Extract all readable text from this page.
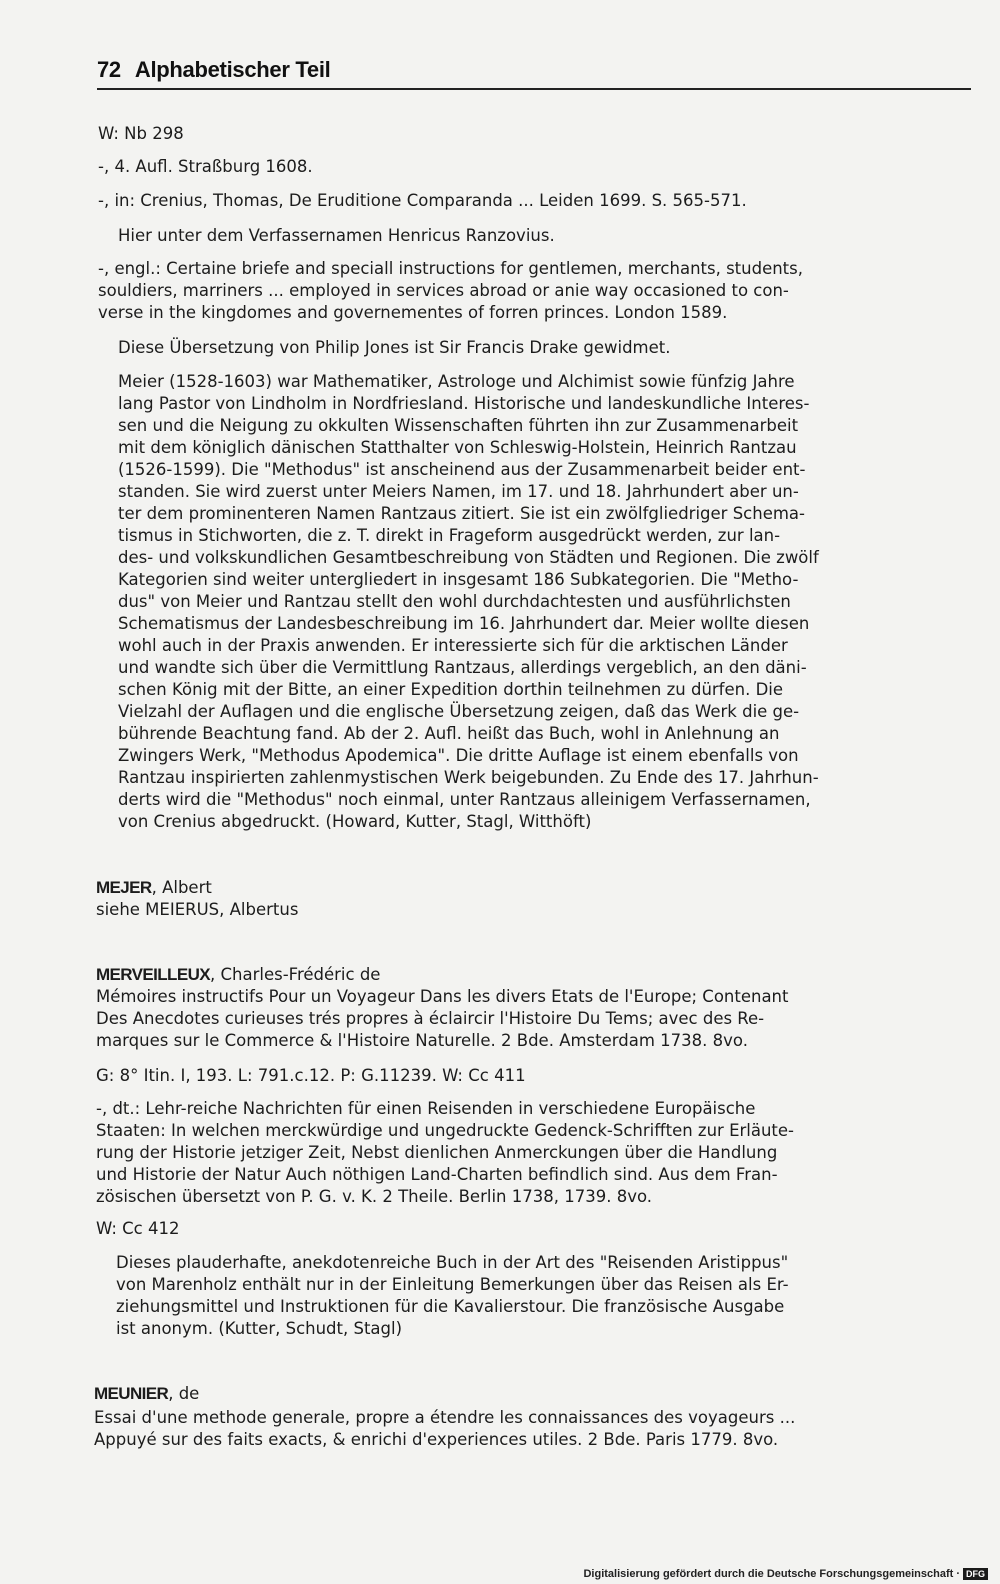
72 Alphabetischer Teil
W: Nb 298
-, 4. Aufl. Straßburg 1608.
-, in: Crenius, Thomas, De Eruditione Comparanda ... Leiden 1699. S. 565-571.
Hier unter dem Verfassernamen Henricus Ranzovius.
-, engl.: Certaine briefe and speciall instructions for gentlemen, merchants, students,
souldiers, marriners ... employed in services abroad or anie way occasioned to con-
verse in the kingdomes and governementes of forren princes. London 1589.
Diese Übersetzung von Philip Jones ist Sir Francis Drake gewidmet.
Meier (1528-1603) war Mathematiker, Astrologe und Alchimist sowie fünfzig Jahre
lang Pastor von Lindholm in Nordfriesland. Historische und landeskundliche Interes-
sen und die Neigung zu okkulten Wissenschaften führten ihn zur Zusammenarbeit
mit dem königlich dänischen Statthalter von Schleswig-Holstein, Heinrich Rantzau
(1526-1599). Die "Methodus" ist anscheinend aus der Zusammenarbeit beider ent-
standen. Sie wird zuerst unter Meiers Namen, im 17. und 18. Jahrhundert aber un-
ter dem prominenteren Namen Rantzaus zitiert. Sie ist ein zwölfgliedriger Schema-
tismus in Stichworten, die z. T. direkt in Frageform ausgedrückt werden, zur lan-
des- und volkskundlichen Gesamtbeschreibung von Städten und Regionen. Die zwölf
Kategorien sind weiter untergliedert in insgesamt 186 Subkategorien. Die "Metho-
dus" von Meier und Rantzau stellt den wohl durchdachtesten und ausführlichsten
Schematismus der Landesbeschreibung im 16. Jahrhundert dar. Meier wollte diesen
wohl auch in der Praxis anwenden. Er interessierte sich für die arktischen Länder
und wandte sich über die Vermittlung Rantzaus, allerdings vergeblich, an den däni-
schen König mit der Bitte, an einer Expedition dorthin teilnehmen zu dürfen. Die
Vielzahl der Auflagen und die englische Übersetzung zeigen, daß das Werk die ge-
bührende Beachtung fand. Ab der 2. Aufl. heißt das Buch, wohl in Anlehnung an
Zwingers Werk, "Methodus Apodemica". Die dritte Auflage ist einem ebenfalls von
Rantzau inspirierten zahlenmystischen Werk beigebunden. Zu Ende des 17. Jahrhun-
derts wird die "Methodus" noch einmal, unter Rantzaus alleinigem Verfassernamen,
von Crenius abgedruckt. (Howard, Kutter, Stagl, Witthöft)
MEJER, Albert
siehe MEIERUS, Albertus
MERVEILLEUX, Charles-Frédéric de
Mémoires instructifs Pour un Voyageur Dans les divers Etats de l'Europe; Contenant
Des Anecdotes curieuses trés propres à éclaircir l'Histoire Du Tems; avec des Re-
marques sur le Commerce & l'Histoire Naturelle. 2 Bde. Amsterdam 1738. 8vo.
G: 8° Itin. I, 193. L: 791.c.12. P: G.11239. W: Cc 411
-, dt.: Lehr-reiche Nachrichten für einen Reisenden in verschiedene Europäische
Staaten: In welchen merckwürdige und ungedruckte Gedenck-Schrifften zur Erläute-
rung der Historie jetziger Zeit, Nebst dienlichen Anmerckungen über die Handlung
und Historie der Natur Auch nöthigen Land-Charten befindlich sind. Aus dem Fran-
zösischen übersetzt von P. G. v. K. 2 Theile. Berlin 1738, 1739. 8vo.
W: Cc 412
Dieses plauderhafte, anekdotenreiche Buch in der Art des "Reisenden Aristippus"
von Marenholz enthält nur in der Einleitung Bemerkungen über das Reisen als Er-
ziehungsmittel und Instruktionen für die Kavalierstour. Die französische Ausgabe
ist anonym. (Kutter, Schudt, Stagl)
MEUNIER, de
Essai d'une methode generale, propre a étendre les connaissances des voyageurs ...
Appuyé sur des faits exacts, & enrichi d'experiences utiles. 2 Bde. Paris 1779. 8vo.
Digitalisierung gefördert durch die Deutsche Forschungsgemeinschaft · DFG
